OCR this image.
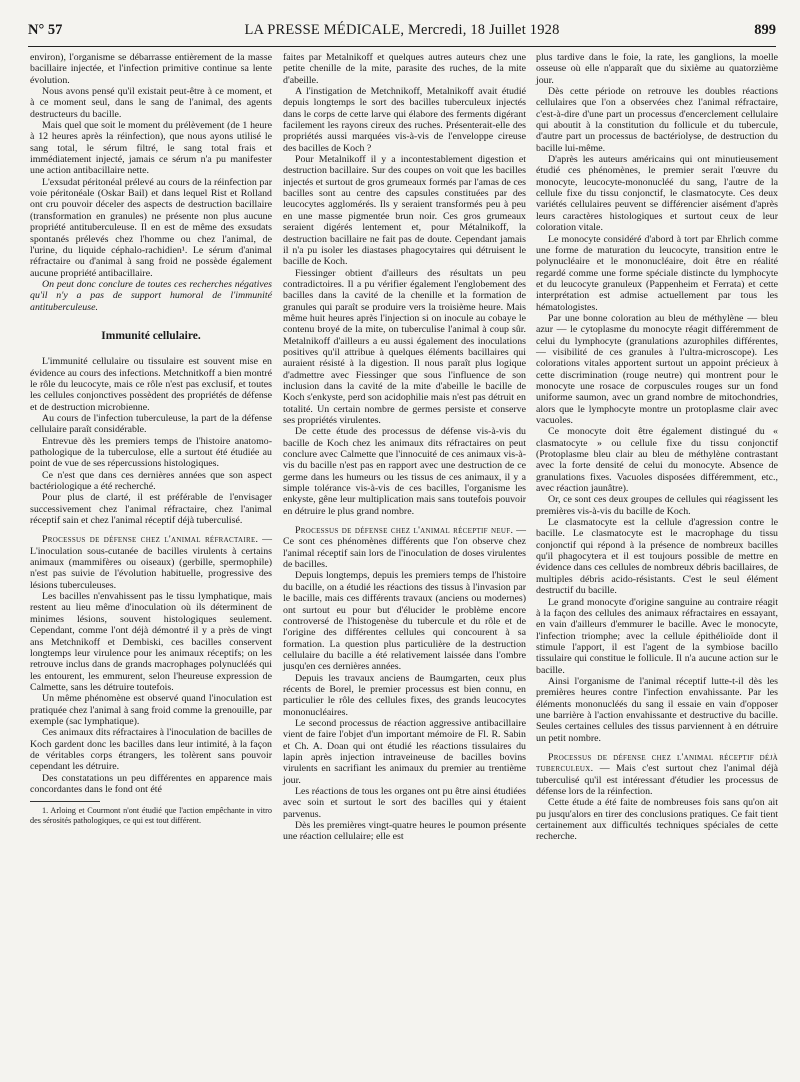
N° 57	LA PRESSE MÉDICALE, Mercredi, 18 Juillet 1928	899

environ), l'organisme se débarrasse entièrement de la masse bacillaire injectée, et l'infection primitive continue sa lente évolution.

Nous avons pensé qu'il existait peut-être à ce moment, et à ce moment seul, dans le sang de l'animal, des agents destructeurs du bacille.

Mais quel que soit le moment du prélèvement (de 1 heure à 12 heures après la réinfection), que nous ayons utilisé le sang total, le sérum filtré, le sang total frais et immédiatement injecté, jamais ce sérum n'a pu manifester une action antibacillaire nette.

L'exsudat péritonéal prélevé au cours de la réinfection par voie péritonéale (Oskar Bail) et dans lequel Rist et Rolland ont cru pouvoir déceler des aspects de destruction bacillaire (transformation en granules) ne présente non plus aucune propriété antituberculeuse. Il en est de même des exsudats spontanés prélevés chez l'homme ou chez l'animal, de l'urine, du liquide céphalo-rachidien¹. Le sérum d'animal réfractaire ou d'animal à sang froid ne possède également aucune propriété antibacillaire.

On peut donc conclure de toutes ces recherches négatives qu'il n'y a pas de support humoral de l'immunité antituberculeuse.

Immunité cellulaire.

L'immunité cellulaire ou tissulaire est souvent mise en évidence au cours des infections. Metchnitkoff a bien montré le rôle du leucocyte, mais ce rôle n'est pas exclusif, et toutes les cellules conjonctives possèdent des propriétés de défense et de destruction microbienne.

Au cours de l'infection tuberculeuse, la part de la défense cellulaire paraît considérable.

Entrevue dès les premiers temps de l'histoire anatomo-pathologique de la tuberculose, elle a surtout été étudiée au point de vue de ses répercussions histologiques.

Ce n'est que dans ces dernières années que son aspect bactériologique a été recherché.

Pour plus de clarté, il est préférable de l'envisager successivement chez l'animal réfractaire, chez l'animal réceptif sain et chez l'animal réceptif déjà tuberculisé.

Processus de défense chez l'animal réfractaire. — L'inoculation sous-cutanée de bacilles virulents à certains animaux (mammifères ou oiseaux) (gerbille, spermophile) n'est pas suivie de l'évolution habituelle, progressive des lésions tuberculeuses.

Les bacilles n'envahissent pas le tissu lymphatique, mais restent au lieu même d'inoculation où ils déterminent de minimes lésions, souvent histologiques seulement. Cependant, comme l'ont déjà démontré il y a près de vingt ans Metchnikoff et Dembiski, ces bacilles conservent longtemps leur virulence pour les animaux réceptifs; on les retrouve inclus dans de grands macrophages polynucléés qui les entourent, les emmurent, selon l'heureuse expression de Calmette, sans les détruire toutefois.

Un même phénomène est observé quand l'inoculation est pratiquée chez l'animal à sang froid comme la grenouille, par exemple (sac lymphatique).

Ces animaux dits réfractaires à l'inoculation de bacilles de Koch gardent donc les bacilles dans leur intimité, à la façon de véritables corps étrangers, les tolèrent sans pouvoir cependant les détruire.

Des constatations un peu différentes en apparence mais concordantes dans le fond ont été

1. Arloing et Courmont n'ont étudié que l'action empêchante in vitro des sérosités pathologiques, ce qui est tout différent.

faites par Metalnikoff et quelques autres auteurs chez une petite chenille de la mite, parasite des ruches, de la mite d'abeille.

A l'instigation de Metchnikoff, Metalnikoff avait étudié depuis longtemps le sort des bacilles tuberculeux injectés dans le corps de cette larve qui élabore des ferments digérant facilement les rayons cireux des ruches. Présenterait-elle des propriétés aussi marquées vis-à-vis de l'enveloppe cireuse des bacilles de Koch ?

Pour Metalnikoff il y a incontestablement digestion et destruction bacillaire. Sur des coupes on voit que les bacilles injectés et surtout de gros grumeaux formés par l'amas de ces bacilles sont au centre des capsules constituées par des leucocytes agglomérés. Ils y seraient transformés peu à peu en une masse pigmentée brun noir. Ces gros grumeaux seraient digérés lentement et, pour Métalnikoff, la destruction bacillaire ne fait pas de doute. Cependant jamais il n'a pu isoler les diastases phagocytaires qui détruisent le bacille de Koch.

Fiessinger obtient d'ailleurs des résultats un peu contradictoires. Il a pu vérifier également l'englobement des bacilles dans la cavité de la chenille et la formation de granules qui paraît se produire vers la troisième heure. Mais même huit heures après l'injection si on inocule au cobaye le contenu broyé de la mite, on tuberculise l'animal à coup sûr. Metalnikoff d'ailleurs a eu aussi également des inoculations positives qu'il attribue à quelques éléments bacillaires qui auraient résisté à la digestion. Il nous paraît plus logique d'admettre avec Fiessinger que sous l'influence de son inclusion dans la cavité de la mite d'abeille le bacille de Koch s'enkyste, perd son acidophilie mais n'est pas détruit en totalité. Un certain nombre de germes persiste et conserve ses propriétés virulentes.

De cette étude des processus de défense vis-à-vis du bacille de Koch chez les animaux dits réfractaires on peut conclure avec Calmette que l'innocuité de ces animaux vis-à-vis du bacille n'est pas en rapport avec une destruction de ce germe dans les humeurs ou les tissus de ces animaux, il y a simple tolérance vis-à-vis de ces bacilles, l'organisme les enkyste, gêne leur multiplication mais sans toutefois pouvoir en détruire le plus grand nombre.

Processus de défense chez l'animal réceptif neuf. — Ce sont ces phénomènes différents que l'on observe chez l'animal réceptif sain lors de l'inoculation de doses virulentes de bacilles.

Depuis longtemps, depuis les premiers temps de l'histoire du bacille, on a étudié les réactions des tissus à l'invasion par le bacille, mais ces différents travaux (anciens ou modernes) ont surtout eu pour but d'élucider le problème encore controversé de l'histogenèse du tubercule et du rôle et de l'origine des différentes cellules qui concourent à sa formation. La question plus particulière de la destruction cellulaire du bacille a été relativement laissée dans l'ombre jusqu'en ces dernières années.

Depuis les travaux anciens de Baumgarten, ceux plus récents de Borel, le premier processus est bien connu, en particulier le rôle des cellules fixes, des grands leucocytes mononucléaires.

Le second processus de réaction aggressive antibacillaire vient de faire l'objet d'un important mémoire de Fl. R. Sabin et Ch. A. Doan qui ont étudié les réactions tissulaires du lapin après injection intraveineuse de bacilles bovins virulents en sacrifiant les animaux du premier au trentième jour.

Les réactions de tous les organes ont pu être ainsi étudiées avec soin et surtout le sort des bacilles qui y étaient parvenus.

Dès les premières vingt-quatre heures le poumon présente une réaction cellulaire; elle est

plus tardive dans le foie, la rate, les ganglions, la moelle osseuse où elle n'apparaît que du sixième au quatorzième jour.

Dès cette période on retrouve les doubles réactions cellulaires que l'on a observées chez l'animal réfractaire, c'est-à-dire d'une part un processus d'encerclement cellulaire qui aboutit à la constitution du follicule et du tubercule, d'autre part un processus de bactériolyse, de destruction du bacille lui-même.

D'après les auteurs américains qui ont minutieusement étudié ces phénomènes, le premier serait l'œuvre du monocyte, leucocyte-mononucléé du sang, l'autre de la cellule fixe du tissu conjonctif, le clasmatocyte. Ces deux variétés cellulaires peuvent se différencier aisément d'après leurs caractères histologiques et surtout ceux de leur coloration vitale.

Le monocyte considéré d'abord à tort par Ehrlich comme une forme de maturation du leucocyte, transition entre le polynucléaire et le mononucléaire, doit être en réalité regardé comme une forme spéciale distincte du lymphocyte et du leucocyte granuleux (Pappenheim et Ferrata) et cette interprétation est admise actuellement par tous les hématologistes.

Par une bonne coloration au bleu de méthylène — bleu azur — le cytoplasme du monocyte réagit différemment de celui du lymphocyte (granulations azurophiles différentes, — visibilité de ces granules à l'ultra-microscope). Les colorations vitales apportent surtout un appoint précieux à cette discrimination (rouge neutre) qui montrent pour le monocyte une rosace de corpuscules rouges sur un fond uniforme saumon, avec un grand nombre de mitochondries, alors que le lymphocyte montre un protoplasme clair avec vacuoles.

Ce monocyte doit être également distingué du « clasmatocyte » ou cellule fixe du tissu conjonctif (Protoplasme bleu clair au bleu de méthylène contrastant avec la forte densité de celui du monocyte. Absence de granulations fixes. Vacuoles disposées différemment, etc., avec réaction jaunâtre).

Or, ce sont ces deux groupes de cellules qui réagissent les premières vis-à-vis du bacille de Koch.

Le clasmatocyte est la cellule d'agression contre le bacille. Le clasmatocyte est le macrophage du tissu conjonctif qui répond à la présence de nombreux bacilles qu'il phagocytera et il est toujours possible de mettre en évidence dans ces cellules de nombreux débris bacillaires, de multiples débris acido-résistants. C'est le seul élément destructif du bacille.

Le grand monocyte d'origine sanguine au contraire réagit à la façon des cellules des animaux réfractaires en essayant, en vain d'ailleurs d'emmurer le bacille. Avec le monocyte, l'infection triomphe; avec la cellule épithélioïde dont il stimule l'apport, il est l'agent de la symbiose bacillo tissulaire qui constitue le follicule. Il n'a aucune action sur le bacille.

Ainsi l'organisme de l'animal réceptif lutte-t-il dès les premières heures contre l'infection envahissante. Par les éléments mononucléés du sang il essaie en vain d'opposer une barrière à l'action envahissante et destructive du bacille. Seules certaines cellules des tissus parviennent à en détruire un petit nombre.

Processus de défense chez l'animal réceptif déjà tuberculeux. — Mais c'est surtout chez l'animal déjà tuberculisé qu'il est intéressant d'étudier les processus de défense lors de la réinfection.

Cette étude a été faite de nombreuses fois sans qu'on ait pu jusqu'alors en tirer des conclusions pratiques. Ce fait tient certainement aux difficultés techniques spéciales de cette recherche.
